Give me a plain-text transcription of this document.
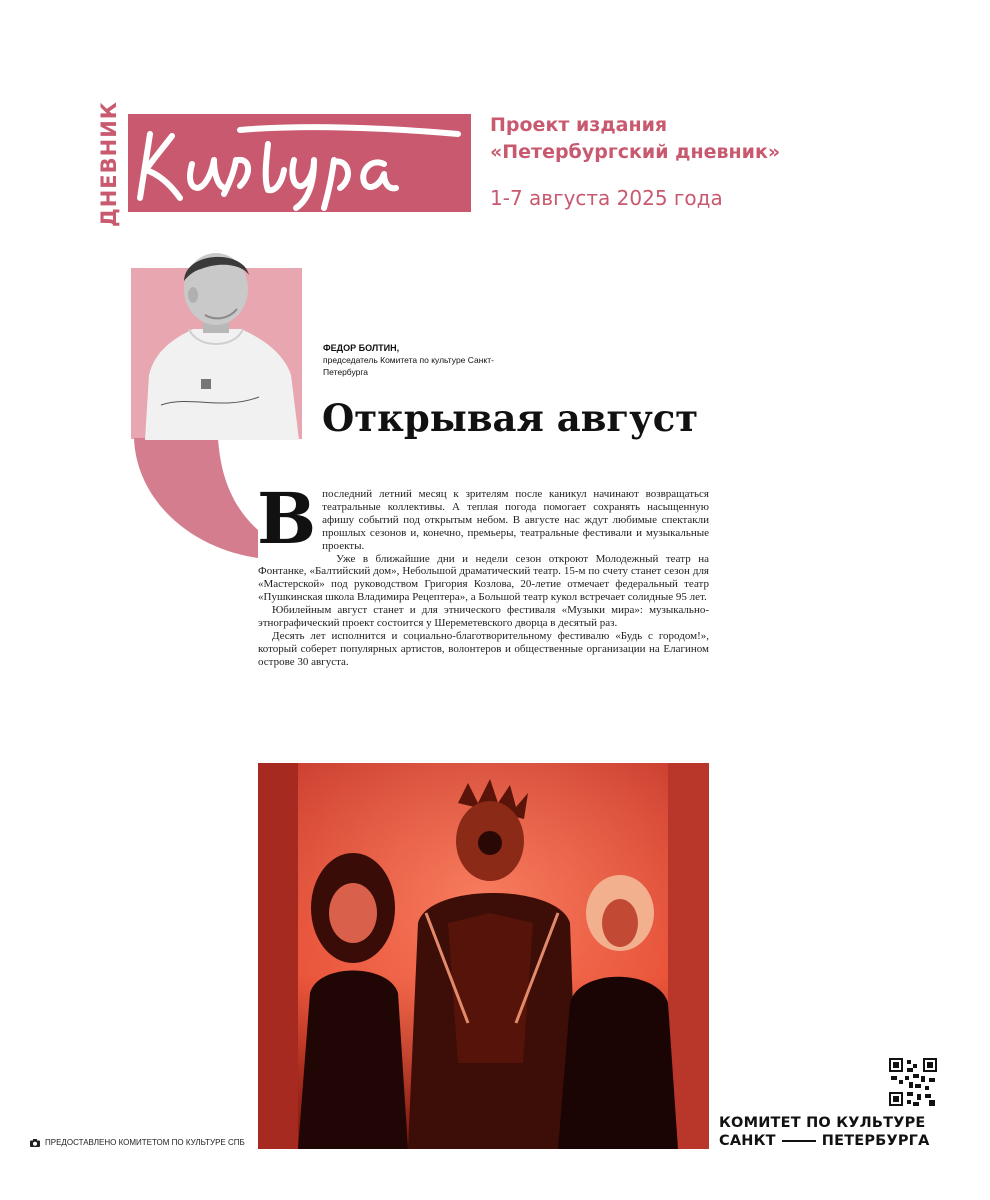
ДНЕВНИК Культура
Проект издания
«Петербургский дневник»
1-7 августа 2025 года
ФЕДОР БОЛТИН,
председатель Комитета по культуре Санкт-Петербурга
Открывая август
В последний летний месяц к зрителям после каникул начинают возвращаться театральные коллективы. А теплая погода помогает сохранять насыщенную афишу событий под открытым небом. В августе нас ждут любимые спектакли прошлых сезонов и, конечно, премьеры, театральные фестивали и музыкальные проекты.

Уже в ближайшие дни и недели сезон откроют Молодежный театр на Фонтанке, «Балтийский дом», Небольшой драматический театр. 15-м по счету станет сезон для «Мастерской» под руководством Григория Козлова, 20-летие отмечает федеральный театр «Пушкинская школа Владимира Рецептера», а Большой театр кукол встречает солидные 95 лет.

Юбилейным август станет и для этнического фестиваля «Музыки мира»: музыкально-этнографический проект состоится у Шереметевского дворца в десятый раз.

Десять лет исполнится и социально-благотворительному фестивалю «Будь с городом!», который соберет популярных артистов, волонтеров и общественные организации на Елагином острове 30 августа.

ПРЕДОСТАВЛЕНО КОМИТЕТОМ ПО КУЛЬТУРЕ СПБ
КОМИТЕТ ПО КУЛЬТУРЕ
САНКТ	ПЕТЕРБУРГА
